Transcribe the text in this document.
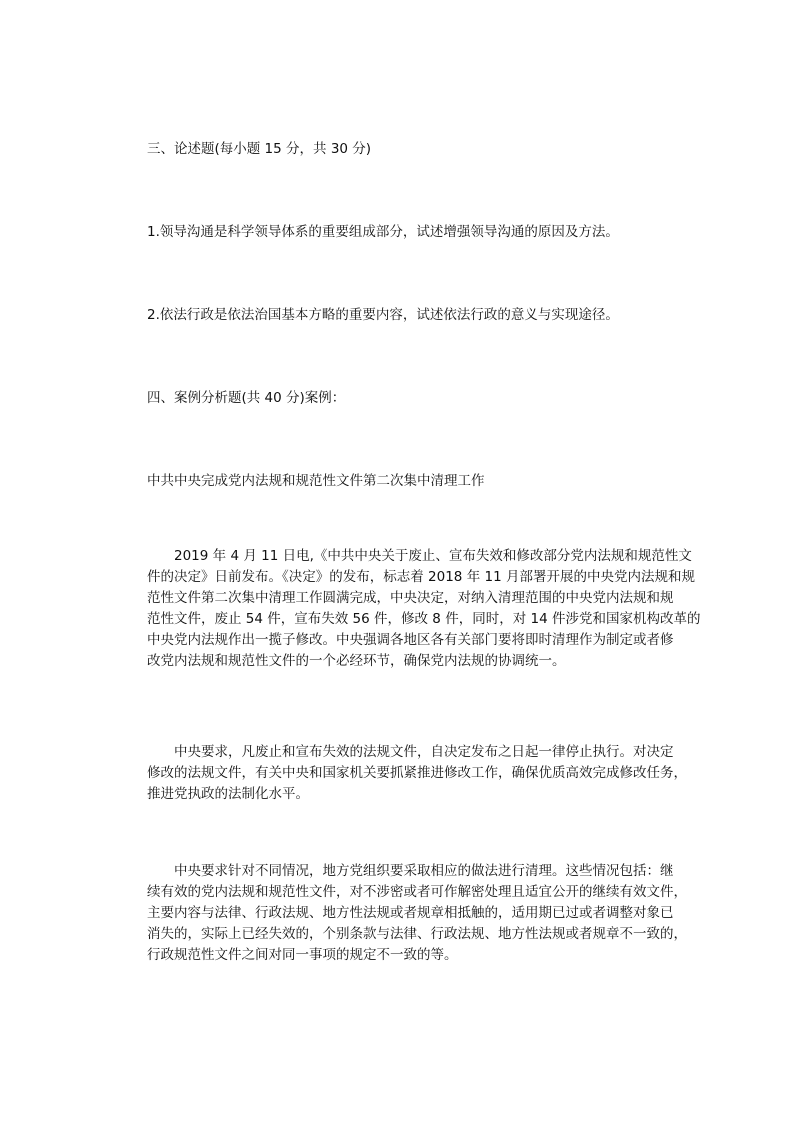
三、论述题(每小题 15 分，共 30 分)
1.领导沟通是科学领导体系的重要组成部分，试述增强领导沟通的原因及方法。
2.依法行政是依法治国基本方略的重要内容，试述依法行政的意义与实现途径。
四、案例分析题(共 40 分)案例：
中共中央完成党内法规和规范性文件第二次集中清理工作
　　2019 年 4 月 11 日电,《中共中央关于废止、宣布失效和修改部分党内法规和规范性文
件的决定》日前发布。《决定》的发布，标志着 2018 年 11 月部署开展的中央党内法规和规
范性文件第二次集中清理工作圆满完成，中央决定，对纳入清理范围的中央党内法规和规
范性文件，废止 54 件，宣布失效 56 件，修改 8 件，同时，对 14 件涉党和国家机构改革的
中央党内法规作出一揽子修改。中央强调各地区各有关部门要将即时清理作为制定或者修
改党内法规和规范性文件的一个必经环节，确保党内法规的协调统一。
　　中央要求，凡废止和宣布失效的法规文件，自决定发布之日起一律停止执行。对决定
修改的法规文件，有关中央和国家机关要抓紧推进修改工作，确保优质高效完成修改任务，
推进党执政的法制化水平。
　　中央要求针对不同情况，地方党组织要采取相应的做法进行清理。这些情况包括：继
续有效的党内法规和规范性文件，对不涉密或者可作解密处理且适宜公开的继续有效文件，
主要内容与法律、行政法规、地方性法规或者规章相抵触的，适用期已过或者调整对象已
消失的，实际上已经失效的，个别条款与法律、行政法规、地方性法规或者规章不一致的，
行政规范性文件之间对同一事项的规定不一致的等。
